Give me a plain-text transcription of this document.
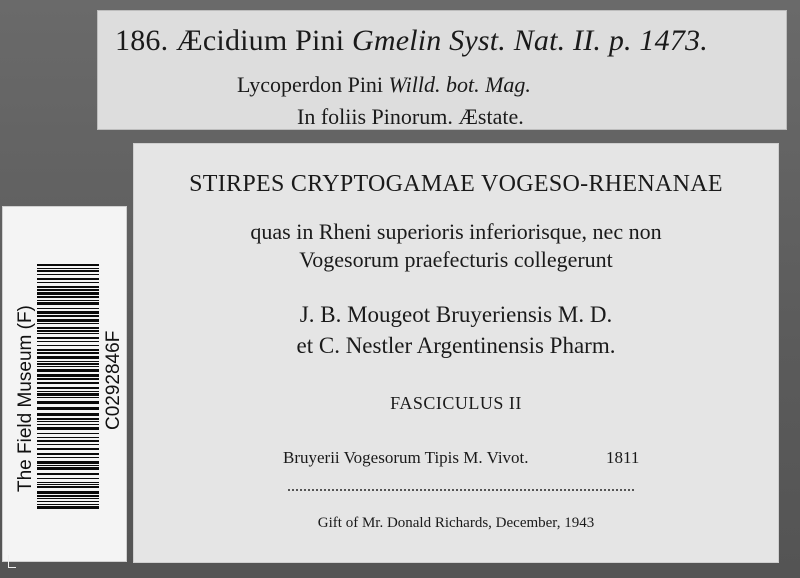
186. Æcidium Pini Gmelin Syst. Nat. II. p. 1473.
Lycoperdon Pini Willd. bot. Mag.
In foliis Pinorum. Æstate.
STIRPES CRYPTOGAMAE VOGESO-RHENANAE
quas in Rheni superioris inferiorisque, nec non
Vogesorum praefecturis collegerunt
J. B. Mougeot Bruyeriensis M. D.
et C. Nestler Argentinensis Pharm.
FASCICULUS II
Bruyerii Vogesorum Tipis M. Vivot.	1811
Gift of Mr. Donald Richards, December, 1943
The Field Museum (F)	C0292846F
